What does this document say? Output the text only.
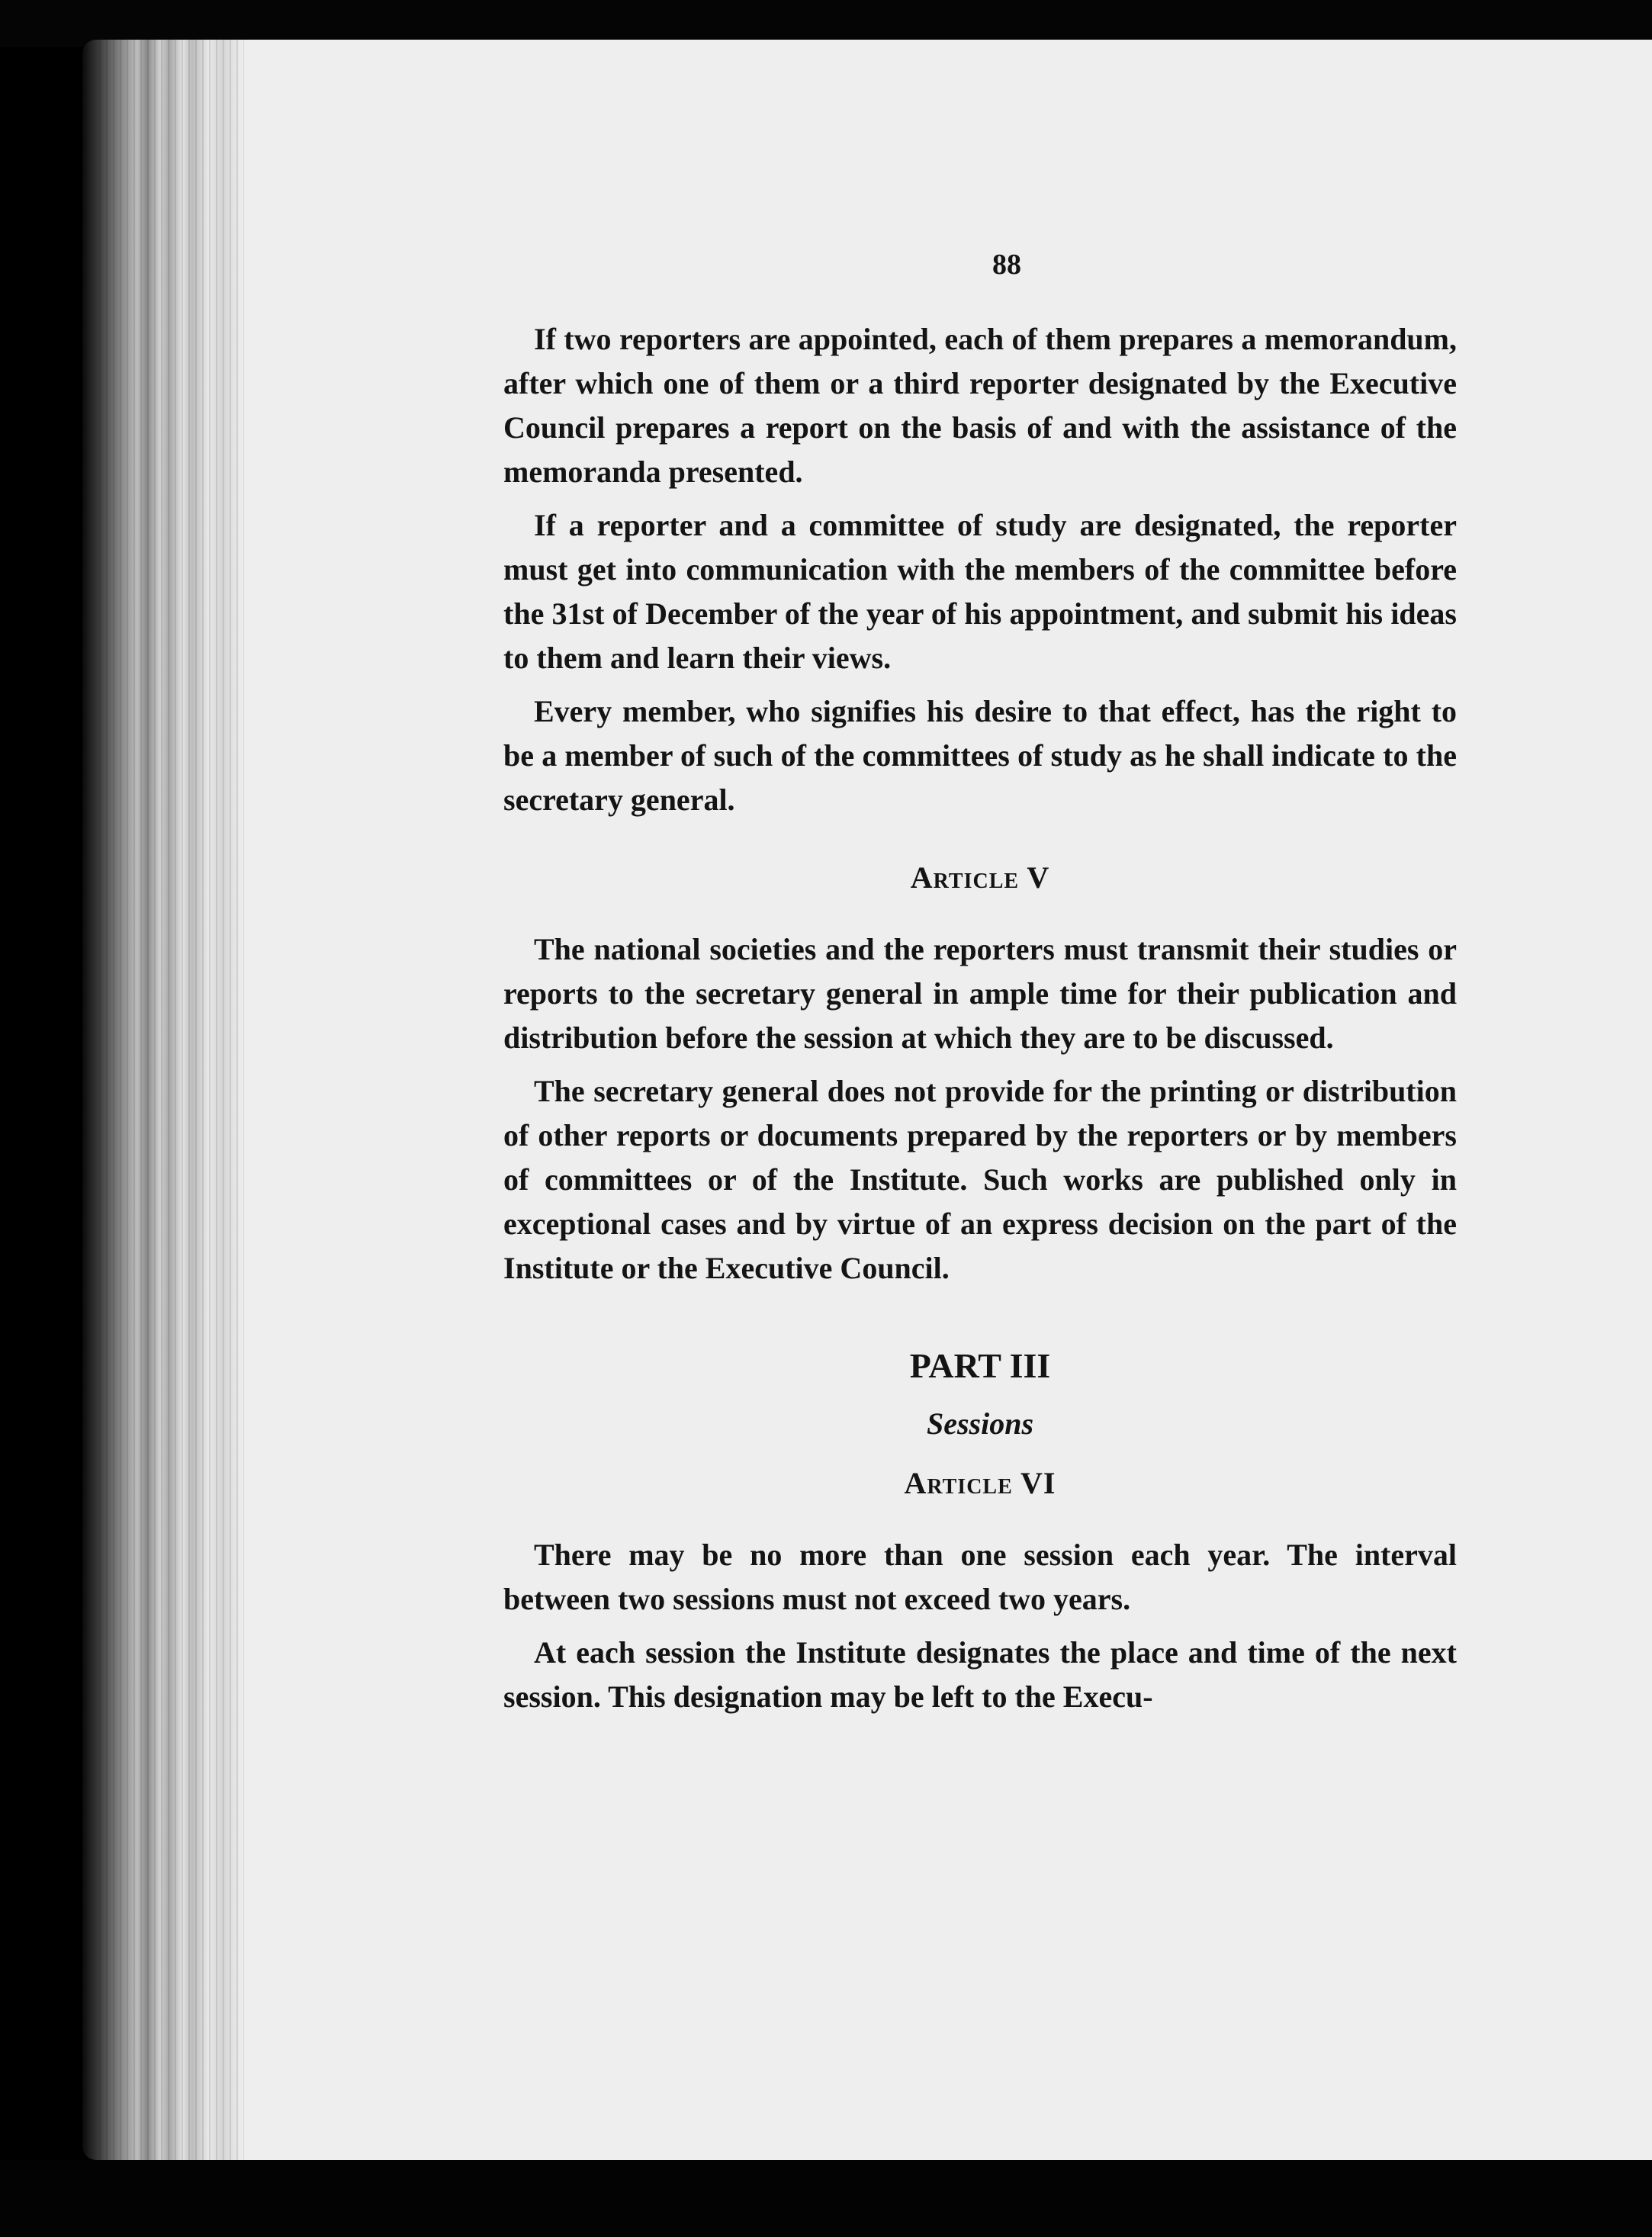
88

If two reporters are appointed, each of them prepares a memorandum, after which one of them or a third reporter designated by the Executive Council prepares a report on the basis of and with the assistance of the memoranda presented.

If a reporter and a committee of study are designated, the reporter must get into communication with the members of the committee before the 31st of December of the year of his appointment, and submit his ideas to them and learn their views.

Every member, who signifies his desire to that effect, has the right to be a member of such of the committees of study as he shall indicate to the secretary general.

Article V

The national societies and the reporters must transmit their studies or reports to the secretary general in ample time for their publication and distribution before the session at which they are to be discussed.

The secretary general does not provide for the printing or distribution of other reports or documents prepared by the reporters or by members of committees or of the Institute. Such works are published only in exceptional cases and by virtue of an express decision on the part of the Institute or the Executive Council.

PART III
Sessions
Article VI

There may be no more than one session each year. The interval between two sessions must not exceed two years.

At each session the Institute designates the place and time of the next session. This designation may be left to the Execu-
